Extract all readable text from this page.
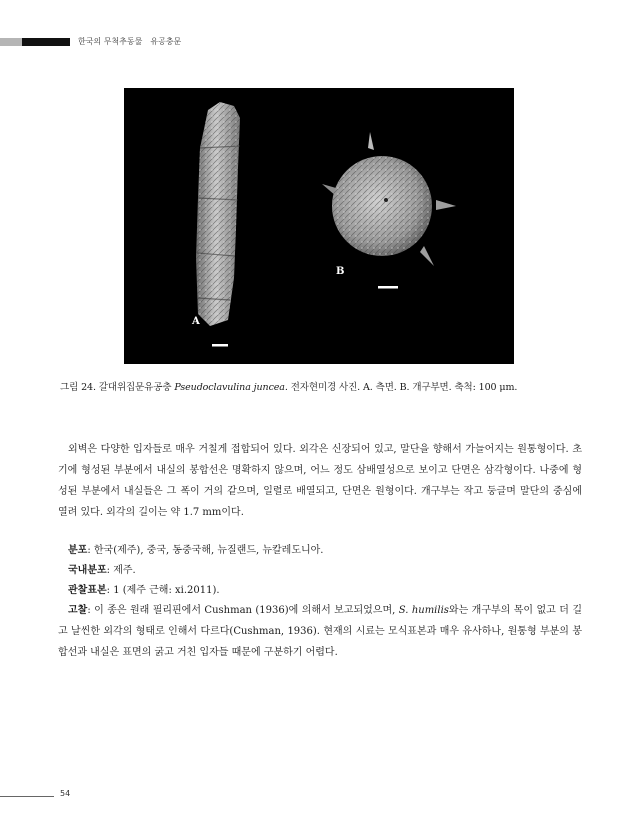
한국의 무척추동물 유공충문
B
A
그림 24. 갈대위집문유공충 Pseudoclavulina juncea. 전자현미경 사진. A. 측면. B. 개구부면. 축척: 100 μm.

외벽은 다양한 입자들로 매우 거칠게 접합되어 있다. 외각은 신장되어 있고, 말단을 향해서 가늘어지는 원통형이다. 초기에 형성된 부분에서 내실의 봉합선은 명확하지 않으며, 어느 정도 삼배열성으로 보이고 단면은 삼각형이다. 나중에 형성된 부분에서 내실들은 그 폭이 거의 같으며, 일렬로 배열되고, 단면은 원형이다. 개구부는 작고 둥글며 말단의 중심에 열려 있다. 외각의 길이는 약 1.7 mm이다.

분포: 한국(제주), 중국, 동중국해, 뉴질랜드, 뉴칼레도니아.
국내분포: 제주.
관찰표본: 1 (제주 근해: xi.2011).

고찰: 이 종은 원래 필리핀에서 Cushman (1936)에 의해서 보고되었으며, S. humilis와는 개구부의 목이 없고 더 길고 날씬한 외각의 형태로 인해서 다르다(Cushman, 1936). 현재의 시료는 모식표본과 매우 유사하나, 원통형 부분의 봉합선과 내실은 표면의 굵고 거친 입자들 때문에 구분하기 어렵다.

54
